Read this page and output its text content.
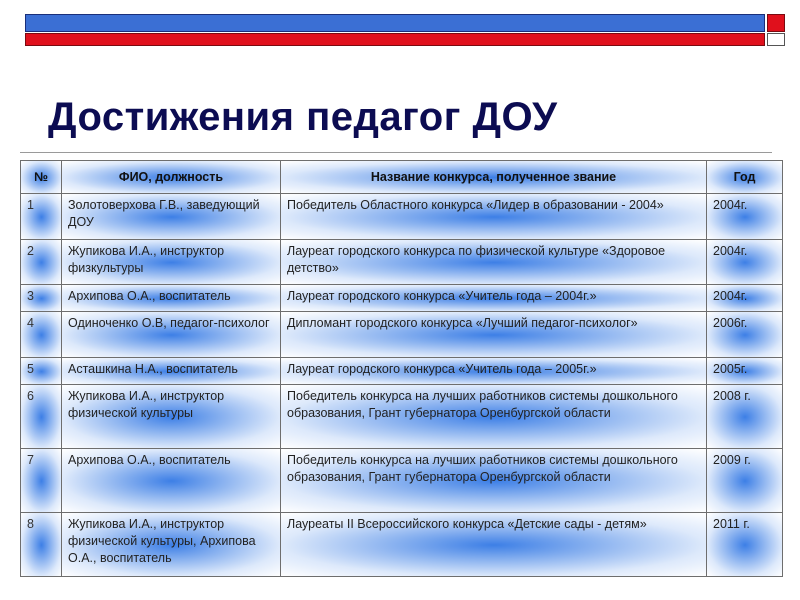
Достижения педагог ДОУ
№	ФИО, должность	Название конкурса, полученное звание	Год
1	Золотоверхова Г.В., заведующий ДОУ	Победитель Областного конкурса «Лидер в образовании - 2004»	2004г.
2	Жупикова И.А., инструктор физкультуры	Лауреат городского конкурса по физической культуре «Здоровое детство»	2004г.
3	Архипова О.А., воспитатель	Лауреат городского конкурса «Учитель года – 2004г.»	2004г.
4	Одиноченко О.В, педагог-психолог	Дипломант городского конкурса «Лучший педагог-психолог»	2006г.
5	Асташкина Н.А., воспитатель	Лауреат городского конкурса «Учитель года – 2005г.»	2005г.
6	Жупикова И.А., инструктор физической культуры	Победитель конкурса на лучших работников системы дошкольного образования, Грант губернатора Оренбургской области	2008 г.
7	Архипова О.А., воспитатель	Победитель конкурса на лучших работников системы дошкольного образования, Грант губернатора Оренбургской области	2009 г.
8	Жупикова И.А., инструктор физической культуры, Архипова О.А., воспитатель	Лауреаты II Всероссийского конкурса «Детские сады - детям»	2011 г.
